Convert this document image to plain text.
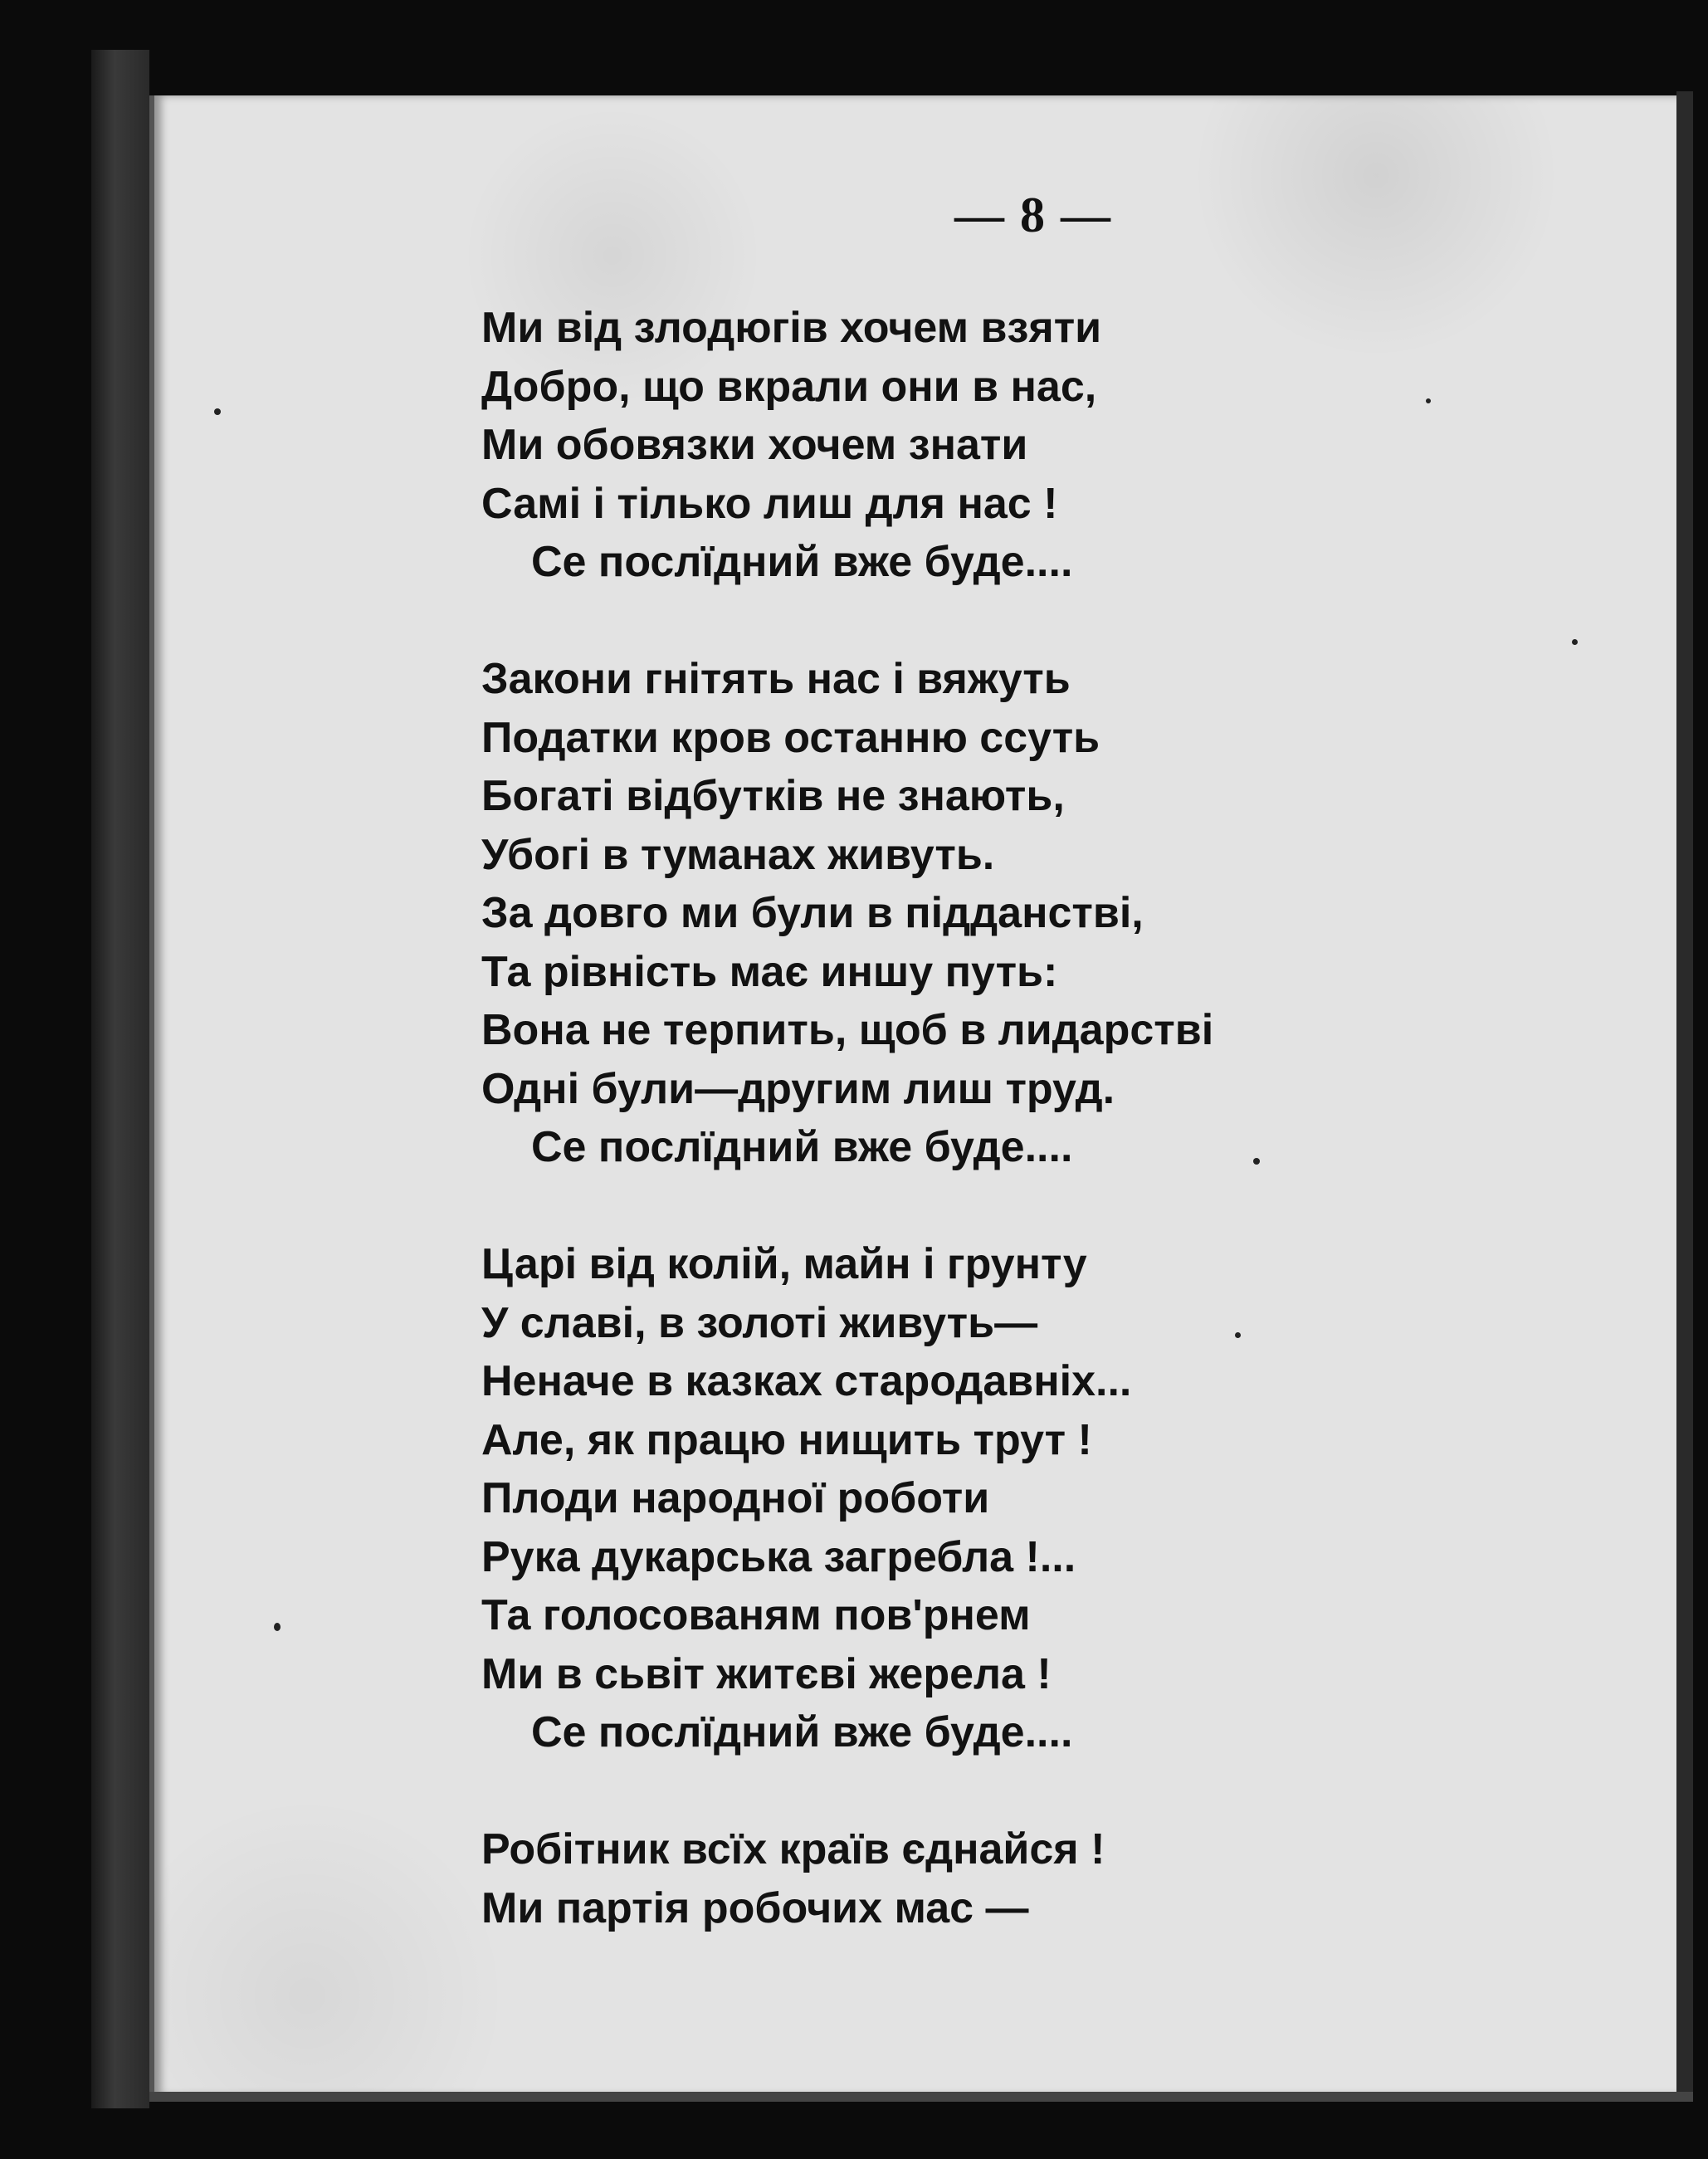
— 8 —
Ми від злодюгів хочем взяти
Добро, що вкрали они в нас,
Ми обовязки хочем знати
Самі і тілько лиш для нас !
Се послїдний вже буде....
Закони гнітять нас і вяжуть
Податки кров останню ссуть
Богаті відбутків не знають,
Убогі в туманах живуть.
За довго ми були в підданстві,
Та рівність має иншу путь:
Вона не терпить, щоб в лидарстві
Одні були—другим лиш труд.
Се послїдний вже буде....
Царі від колій, майн і грунту
У славі, в золоті живуть—
Неначе в казках стародавніх...
Але, як працю нищить трут !
Плоди народної роботи
Рука дукарська загребла !...
Та голосованям пов'рнем
Ми в сьвіт житєві жерела !
Се послїдний вже буде....
Робітник всїх країв єднайся !
Ми партія робочих мас —
